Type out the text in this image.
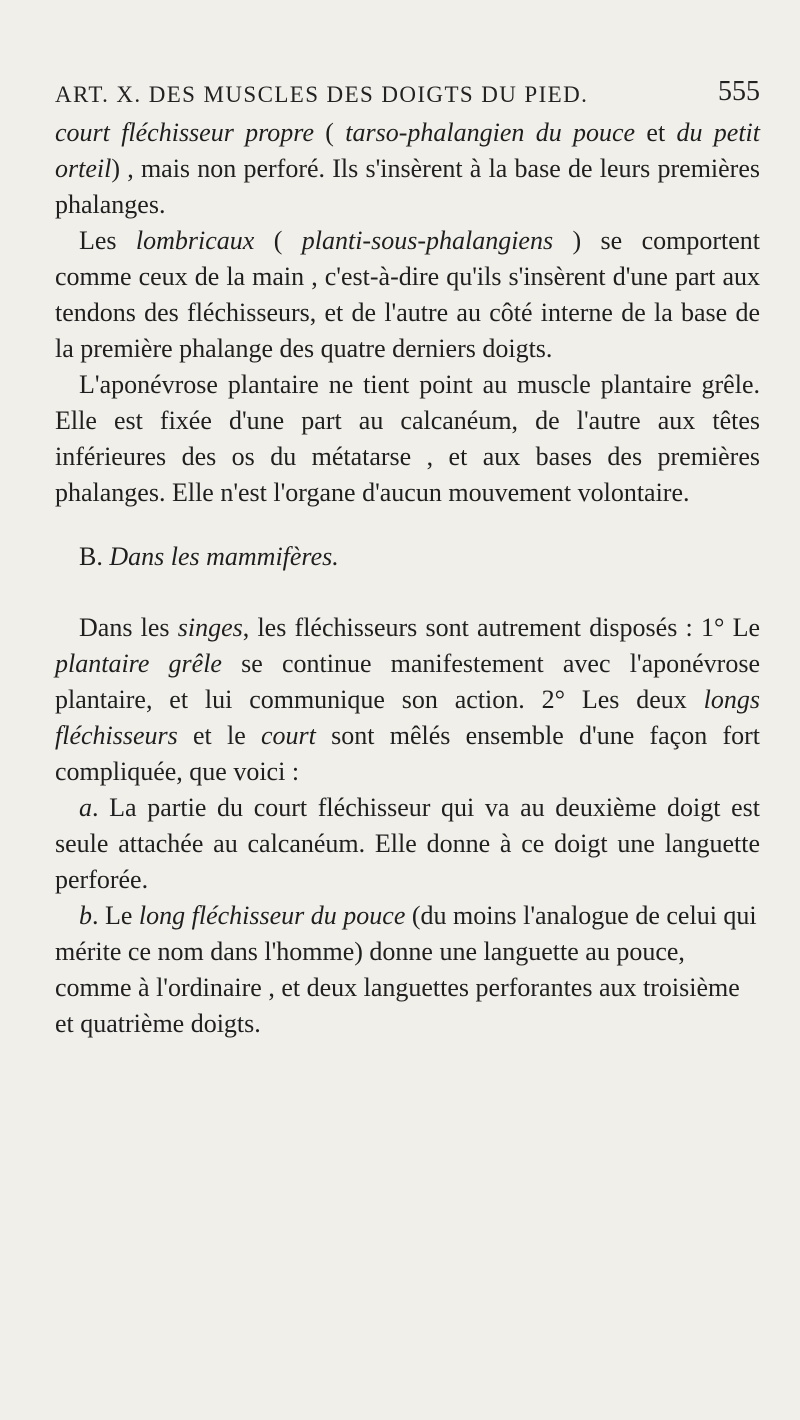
ART. X. DES MUSCLES DES DOIGTS DU PIED.	555

court fléchisseur propre ( tarso-phalangien du pouce et du petit orteil) , mais non perforé. Ils s'insèrent à la base de leurs premières phalanges.

Les lombricaux ( planti-sous-phalangiens ) se comportent comme ceux de la main , c'est-à-dire qu'ils s'insèrent d'une part aux tendons des fléchisseurs, et de l'autre au côté interne de la base de la première phalange des quatre derniers doigts.

L'aponévrose plantaire ne tient point au muscle plantaire grêle. Elle est fixée d'une part au calcanéum, de l'autre aux têtes inférieures des os du métatarse , et aux bases des premières phalanges. Elle n'est l'organe d'aucun mouvement volontaire.

B. Dans les mammifères.

Dans les singes, les fléchisseurs sont autrement disposés : 1° Le plantaire grêle se continue manifestement avec l'aponévrose plantaire, et lui communique son action. 2° Les deux longs fléchisseurs et le court sont mêlés ensemble d'une façon fort compliquée, que voici :

a. La partie du court fléchisseur qui va au deuxième doigt est seule attachée au calcanéum. Elle donne à ce doigt une languette perforée.

b. Le long fléchisseur du pouce (du moins l'analogue de celui qui mérite ce nom dans l'homme) donne une languette au pouce, comme à l'ordinaire , et deux languettes perforantes aux troisième et quatrième doigts.
